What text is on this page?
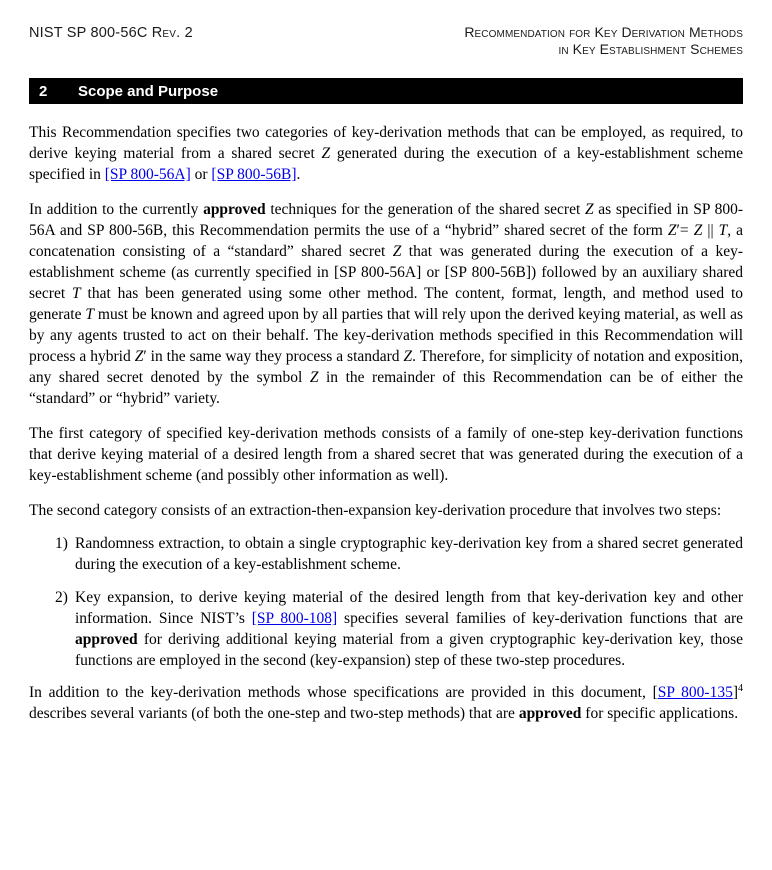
NIST SP 800-56C Rev. 2	Recommendation for Key Derivation Methods
in Key Establishment Schemes
2	Scope and Purpose

This Recommendation specifies two categories of key-derivation methods that can be employed, as required, to derive keying material from a shared secret Z generated during the execution of a key-establishment scheme specified in [SP 800-56A] or [SP 800-56B].

In addition to the currently approved techniques for the generation of the shared secret Z as specified in SP 800-56A and SP 800-56B, this Recommendation permits the use of a “hybrid” shared secret of the form Z′= Z || T, a concatenation consisting of a “standard” shared secret Z that was generated during the execution of a key-establishment scheme (as currently specified in [SP 800-56A] or [SP 800-56B]) followed by an auxiliary shared secret T that has been generated using some other method. The content, format, length, and method used to generate T must be known and agreed upon by all parties that will rely upon the derived keying material, as well as by any agents trusted to act on their behalf. The key-derivation methods specified in this Recommendation will process a hybrid Z′ in the same way they process a standard Z. Therefore, for simplicity of notation and exposition, any shared secret denoted by the symbol Z in the remainder of this Recommendation can be of either the “standard” or “hybrid” variety.

The first category of specified key-derivation methods consists of a family of one-step key-derivation functions that derive keying material of a desired length from a shared secret that was generated during the execution of a key-establishment scheme (and possibly other information as well).

The second category consists of an extraction-then-expansion key-derivation procedure that involves two steps:

1) Randomness extraction, to obtain a single cryptographic key-derivation key from a shared secret generated during the execution of a key-establishment scheme.
2) Key expansion, to derive keying material of the desired length from that key-derivation key and other information. Since NIST’s [SP 800-108] specifies several families of key-derivation functions that are approved for deriving additional keying material from a given cryptographic key-derivation key, those functions are employed in the second (key-expansion) step of these two-step procedures.

In addition to the key-derivation methods whose specifications are provided in this document, [SP 800-135]$^4$ describes several variants (of both the one-step and two-step methods) that are approved for specific applications.
